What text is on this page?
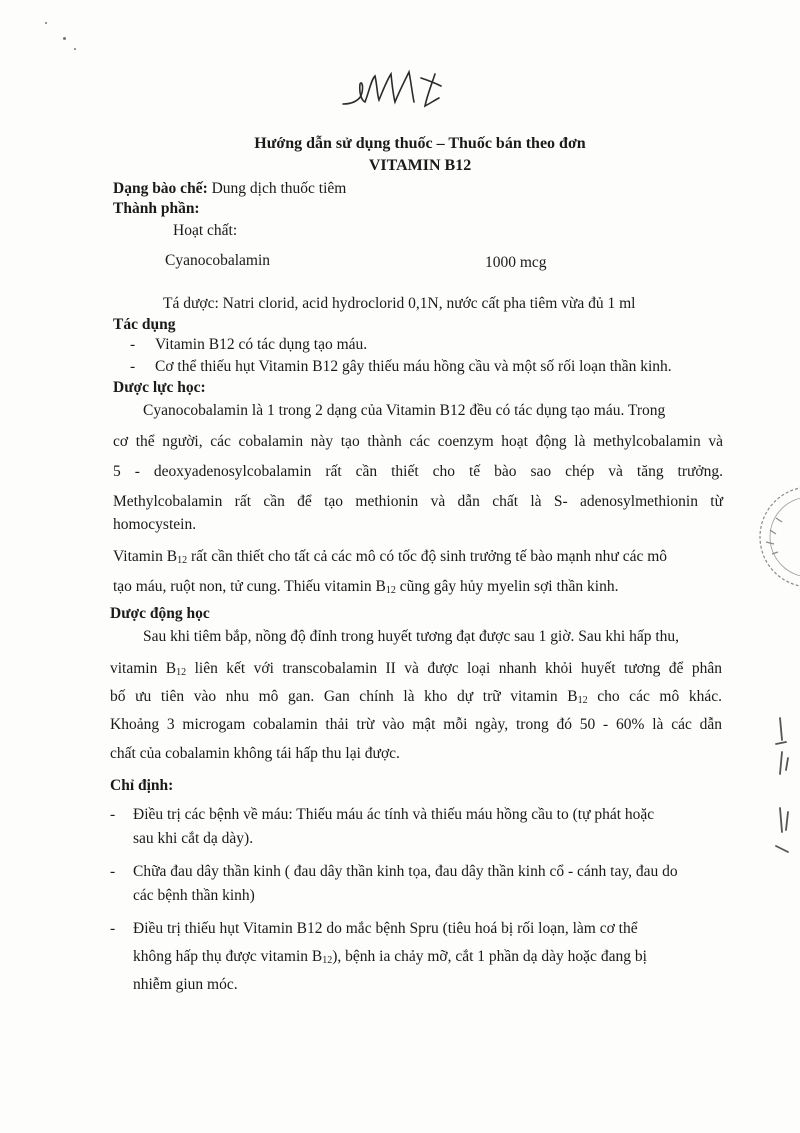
Hướng dẫn sử dụng thuốc – Thuốc bán theo đơn
VITAMIN B12
Dạng bào chế: Dung dịch thuốc tiêm
Thành phần:
Hoạt chất:
Cyanocobalamin	1000 mcg
Tá dược: Natri clorid, acid hydroclorid 0,1N, nước cất pha tiêm vừa đủ 1 ml
Tác dụng
- Vitamin B12 có tác dụng tạo máu.
- Cơ thể thiếu hụt Vitamin B12 gây thiếu máu hồng cầu và một số rối loạn thần kinh.
Dược lực học:
Cyanocobalamin là 1 trong 2 dạng của Vitamin B12 đều có tác dụng tạo máu. Trong
cơ thể người, các cobalamin này tạo thành các coenzym hoạt động là methylcobalamin và
5 - deoxyadenosylcobalamin rất cần thiết cho tế bào sao chép và tăng trưởng.
Methylcobalamin rất cần để tạo methionin và dẫn chất là S- adenosylmethionin từ
homocystein.
Vitamin $B_{12}$ rất cần thiết cho tất cả các mô có tốc độ sinh trưởng tế bào mạnh như các mô
tạo máu, ruột non, tử cung. Thiếu vitamin $B_{12}$ cũng gây hủy myelin sợi thần kinh.
Dược động học
Sau khi tiêm bắp, nồng độ đỉnh trong huyết tương đạt được sau 1 giờ. Sau khi hấp thu,
vitamin $B_{12}$ liên kết với transcobalamin II và được loại nhanh khỏi huyết tương để phân
bố ưu tiên vào nhu mô gan. Gan chính là kho dự trữ vitamin $B_{12}$ cho các mô khác.
Khoảng 3 microgam cobalamin thải trừ vào mật mỗi ngày, trong đó 50 - 60% là các dẫn
chất của cobalamin không tái hấp thu lại được.
Chỉ định:
- Điều trị các bệnh về máu: Thiếu máu ác tính và thiếu máu hồng cầu to (tự phát hoặc
sau khi cắt dạ dày).
- Chữa đau dây thần kinh ( đau dây thần kinh tọa, đau dây thần kinh cổ - cánh tay, đau do
các bệnh thần kinh)
- Điều trị thiếu hụt Vitamin B12 do mắc bệnh Spru (tiêu hoá bị rối loạn, làm cơ thể
không hấp thụ được vitamin $B_{12}$), bệnh ia chảy mỡ, cắt 1 phần dạ dày hoặc đang bị
nhiễm giun móc.
